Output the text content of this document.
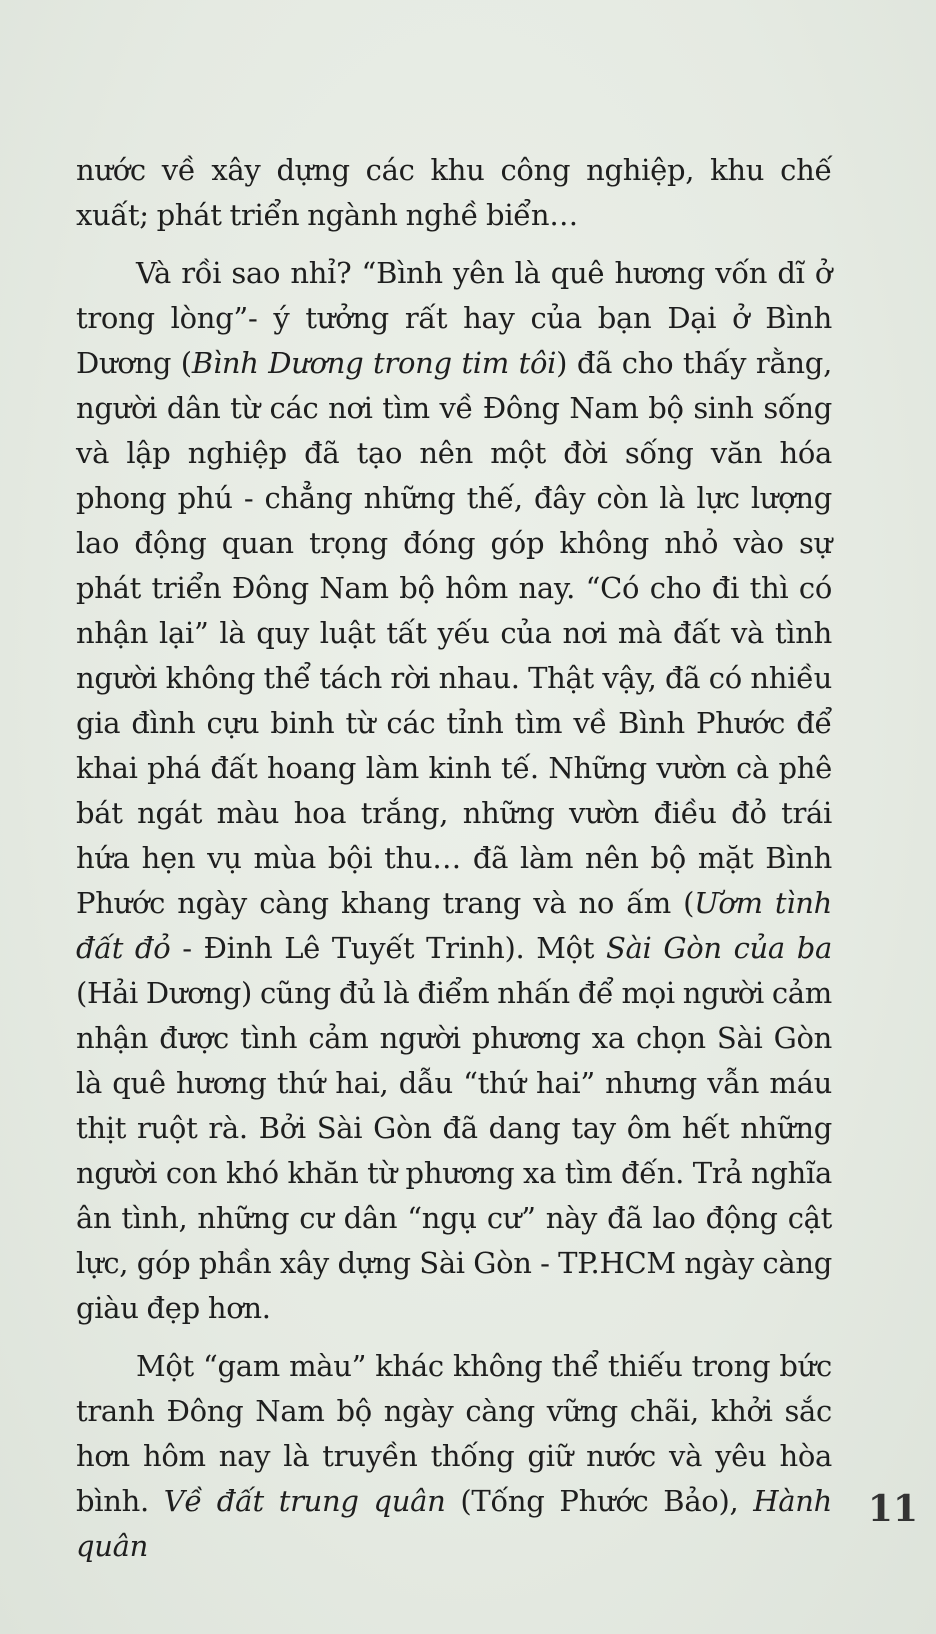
nước về xây dựng các khu công nghiệp, khu chế xuất; phát triển ngành nghề biển…

Và rồi sao nhỉ? “Bình yên là quê hương vốn dĩ ở trong lòng”- ý tưởng rất hay của bạn Dại ở Bình Dương (Bình Dương trong tim tôi) đã cho thấy rằng, người dân từ các nơi tìm về Đông Nam bộ sinh sống và lập nghiệp đã tạo nên một đời sống văn hóa phong phú - chẳng những thế, đây còn là lực lượng lao động quan trọng đóng góp không nhỏ vào sự phát triển Đông Nam bộ hôm nay. “Có cho đi thì có nhận lại” là quy luật tất yếu của nơi mà đất và tình người không thể tách rời nhau. Thật vậy, đã có nhiều gia đình cựu binh từ các tỉnh tìm về Bình Phước để khai phá đất hoang làm kinh tế. Những vườn cà phê bát ngát màu hoa trắng, những vườn điều đỏ trái hứa hẹn vụ mùa bội thu… đã làm nên bộ mặt Bình Phước ngày càng khang trang và no ấm (Ươm tình đất đỏ - Đinh Lê Tuyết Trinh). Một Sài Gòn của ba (Hải Dương) cũng đủ là điểm nhấn để mọi người cảm nhận được tình cảm người phương xa chọn Sài Gòn là quê hương thứ hai, dẫu “thứ hai” nhưng vẫn máu thịt ruột rà. Bởi Sài Gòn đã dang tay ôm hết những người con khó khăn từ phương xa tìm đến. Trả nghĩa ân tình, những cư dân “ngụ cư” này đã lao động cật lực, góp phần xây dựng Sài Gòn - TP.HCM ngày càng giàu đẹp hơn.

Một “gam màu” khác không thể thiếu trong bức tranh Đông Nam bộ ngày càng vững chãi, khởi sắc hơn hôm nay là truyền thống giữ nước và yêu hòa bình. Về đất trung quân (Tống Phước Bảo), Hành quân

11
